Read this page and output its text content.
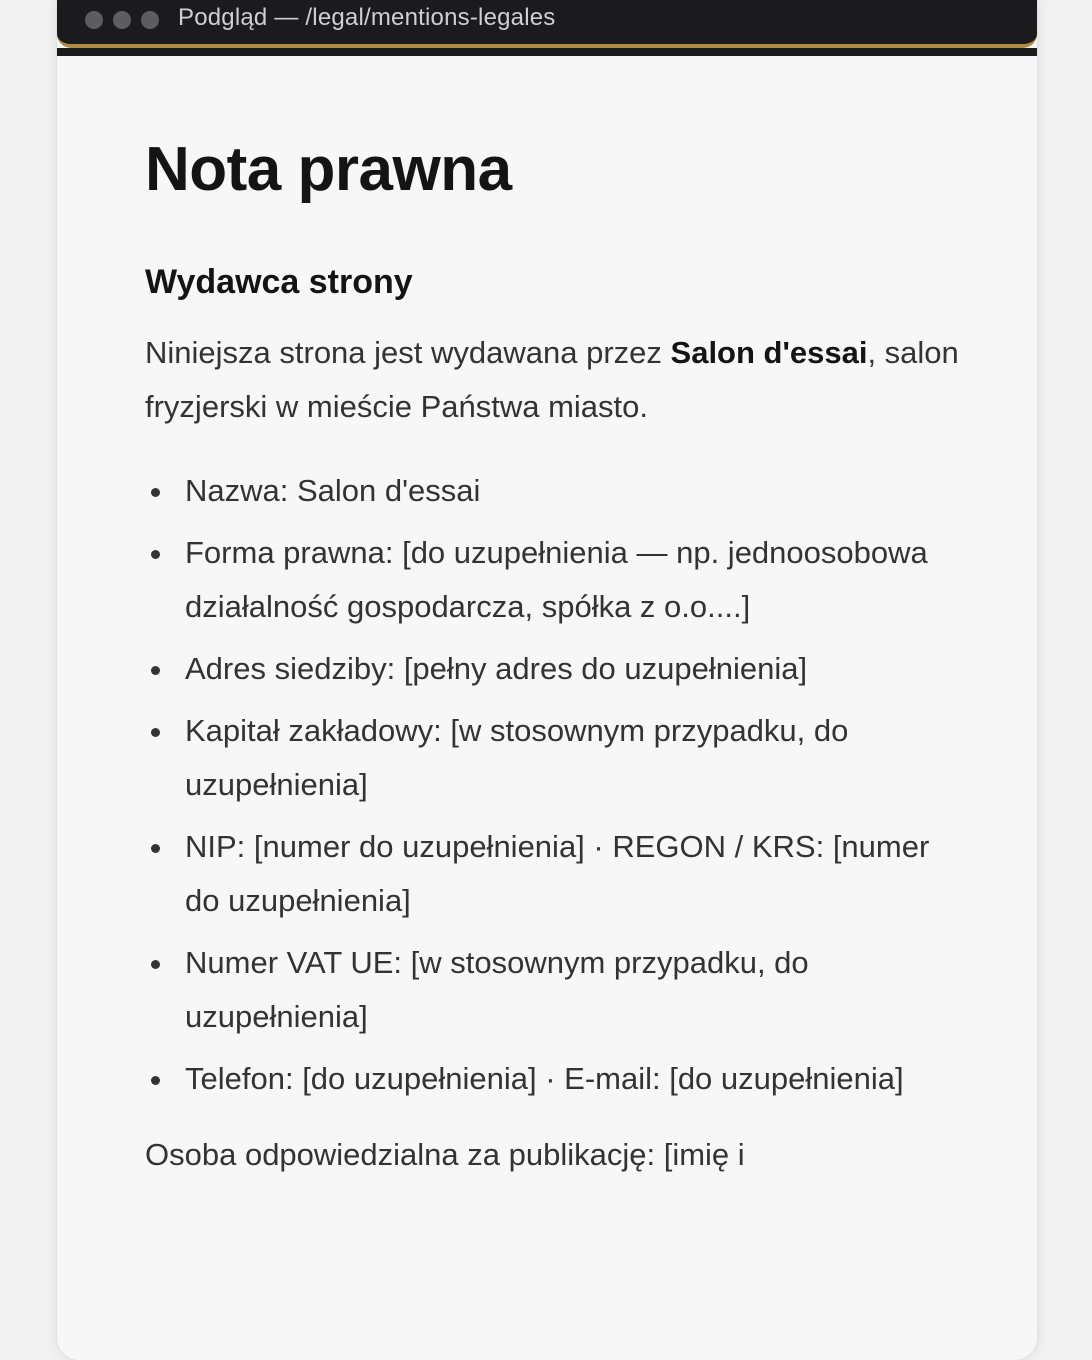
Podgląd — /legal/mentions-legales
Nota prawna
Wydawca strony

Niniejsza strona jest wydawana przez Salon d'essai, salon fryzjerski w mieście Państwa miasto.

Nazwa: Salon d'essai
Forma prawna: [do uzupełnienia — np. jednoosobowa działalność gospodarcza, spółka z o.o....]
Adres siedziby: [pełny adres do uzupełnienia]
Kapitał zakładowy: [w stosownym przypadku, do uzupełnienia]
NIP: [numer do uzupełnienia] · REGON / KRS: [numer do uzupełnienia]
Numer VAT UE: [w stosownym przypadku, do uzupełnienia]
Telefon: [do uzupełnienia] · E-mail: [do uzupełnienia]

Osoba odpowiedzialna za publikację: [imię i
